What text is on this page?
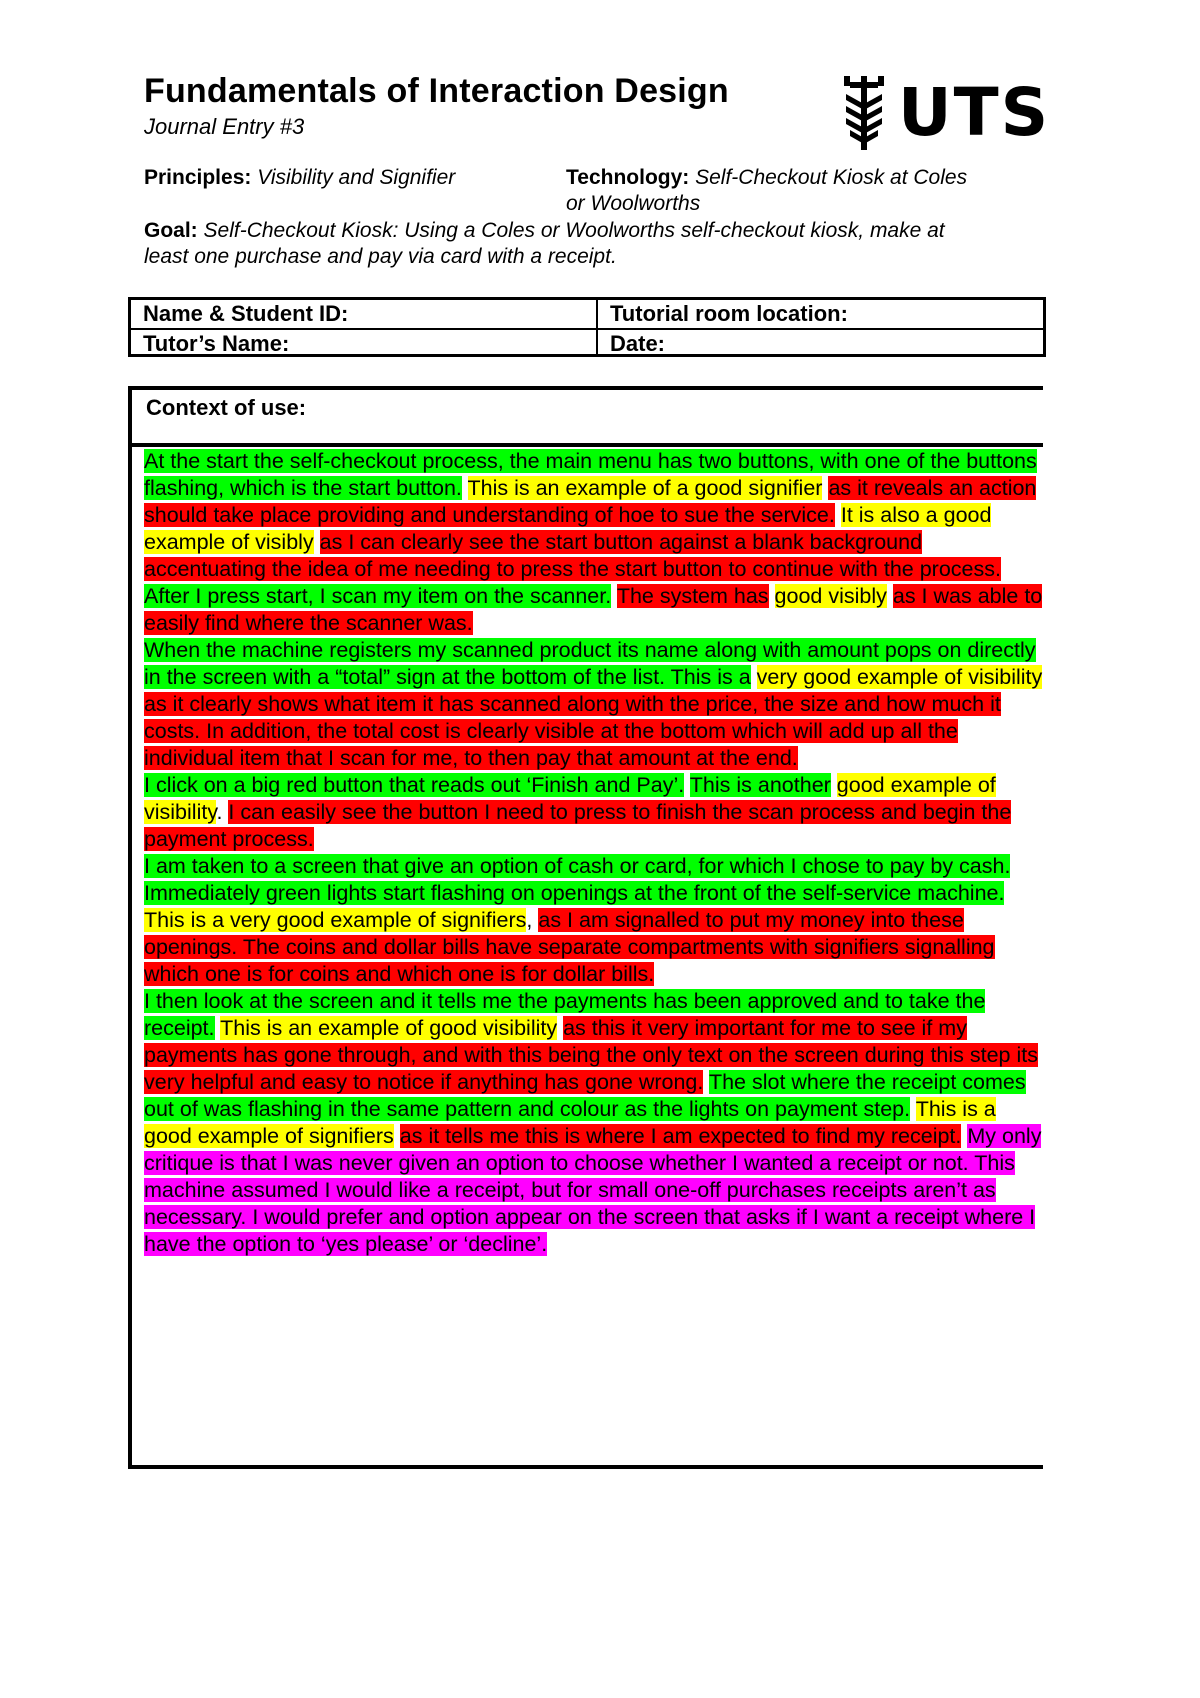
Fundamentals of Interaction Design
Journal Entry #3	UTS
Principles: Visibility and Signifier	Technology: Self-Checkout Kiosk at Coles or Woolworths
Goal: Self-Checkout Kiosk: Using a Coles or Woolworths self-checkout kiosk, make at least one purchase and pay via card with a receipt.
Name & Student ID:	Tutorial room location:
Tutor’s Name:	Date:
Context of use:

At the start the self-checkout process, the main menu has two buttons, with one of the buttons flashing, which is the start button. This is an example of a good signifier as it reveals an action should take place providing and understanding of hoe to sue the service. It is also a good example of visibly as I can clearly see the start button against a blank background accentuating the idea of me needing to press the start button to continue with the process.

After I press start, I scan my item on the scanner. The system has good visibly as I was able to easily find where the scanner was.

When the machine registers my scanned product its name along with amount pops on directly in the screen with a “total” sign at the bottom of the list. This is a very good example of visibility as it clearly shows what item it has scanned along with the price, the size and how much it costs. In addition, the total cost is clearly visible at the bottom which will add up all the individual item that I scan for me, to then pay that amount at the end.

I click on a big red button that reads out ‘Finish and Pay’. This is another good example of visibility. I can easily see the button I need to press to finish the scan process and begin the payment process.

I am taken to a screen that give an option of cash or card, for which I chose to pay by cash. Immediately green lights start flashing on openings at the front of the self-service machine. This is a very good example of signifiers, as I am signalled to put my money into these openings. The coins and dollar bills have separate compartments with signifiers signalling which one is for coins and which one is for dollar bills.

I then look at the screen and it tells me the payments has been approved and to take the receipt. This is an example of good visibility as this it very important for me to see if my payments has gone through, and with this being the only text on the screen during this step its very helpful and easy to notice if anything has gone wrong. The slot where the receipt comes out of was flashing in the same pattern and colour as the lights on payment step. This is a good example of signifiers as it tells me this is where I am expected to find my receipt. My only critique is that I was never given an option to choose whether I wanted a receipt or not. This machine assumed I would like a receipt, but for small one-off purchases receipts aren’t as necessary. I would prefer and option appear on the screen that asks if I want a receipt where I have the option to ‘yes please’ or ‘decline’.
